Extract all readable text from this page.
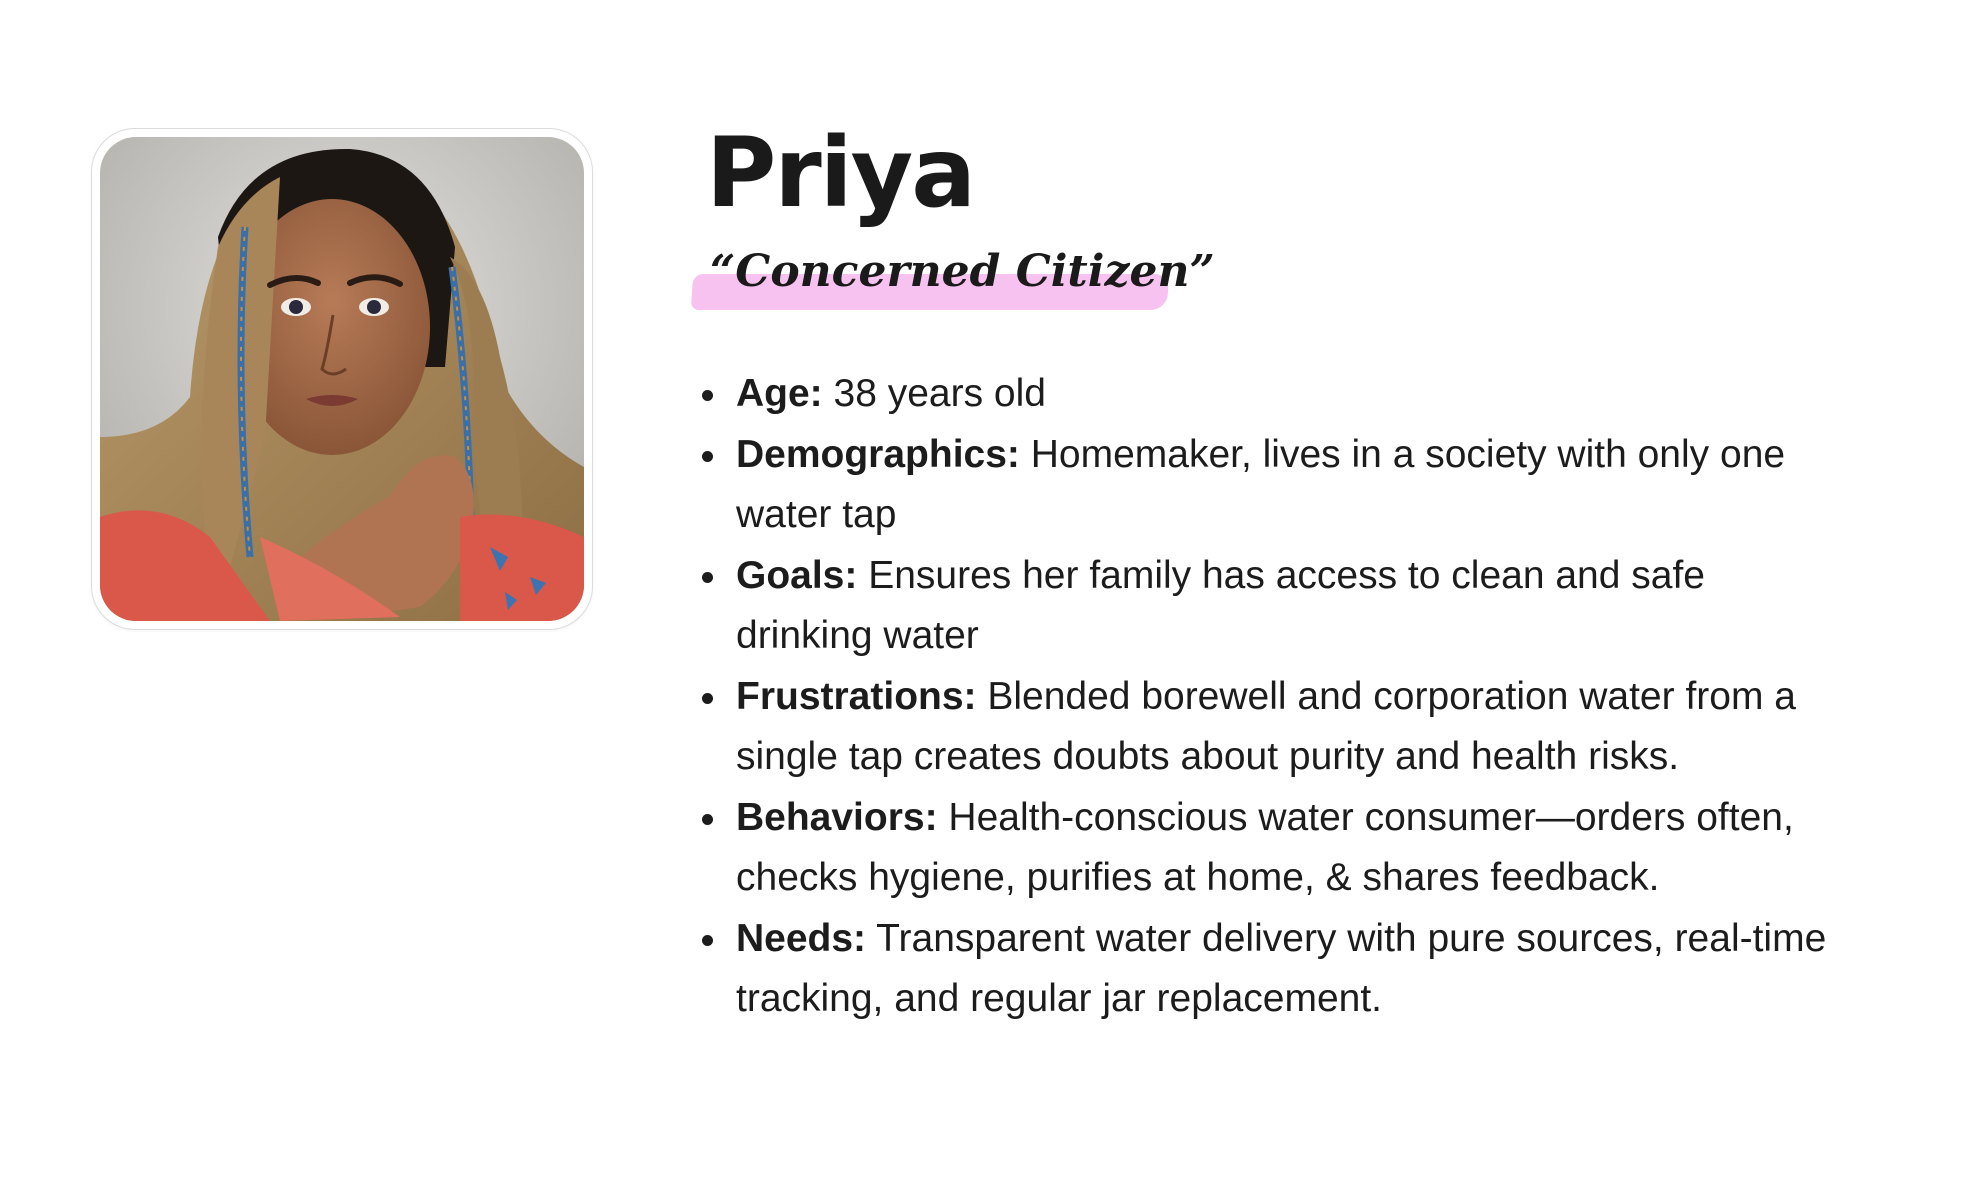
Priya
“Concerned Citizen”
Age: 38 years old
Demographics: Homemaker, lives in a society with only one water tap
Goals: Ensures her family has access to clean and safe drinking water
Frustrations: Blended borewell and corporation water from a single tap creates doubts about purity and health risks.
Behaviors: Health-conscious water consumer—orders often, checks hygiene, purifies at home, & shares feedback.
Needs: Transparent water delivery with pure sources, real-time tracking, and regular jar replacement.
